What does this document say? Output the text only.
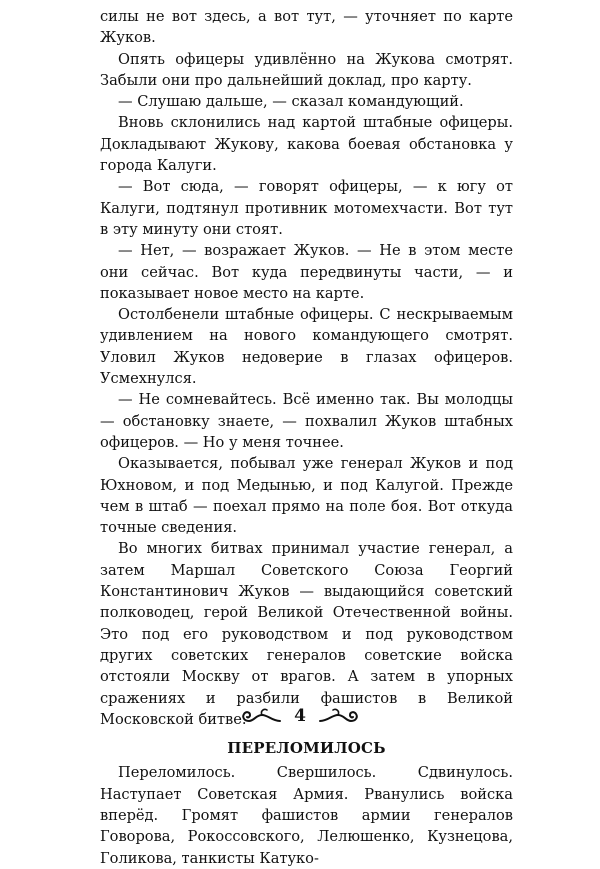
силы не вот здесь, а вот тут, — уточняет по карте Жуков.

Опять офицеры удивлённо на Жукова смотрят. Забыли они про дальнейший доклад, про карту.

— Слушаю дальше, — сказал командующий.

Вновь склонились над картой штабные офицеры. Докладывают Жукову, какова боевая обстановка у города Калуги.

— Вот сюда, — говорят офицеры, — к югу от Калуги, подтянул противник мотомехчасти. Вот тут в эту минуту они стоят.

— Нет, — возражает Жуков. — Не в этом месте они сейчас. Вот куда передвинуты части, — и показывает новое место на карте.

Остолбенели штабные офицеры. С нескрываемым удивлением на нового командующего смотрят. Уловил Жуков недоверие в глазах офицеров. Усмехнулся.

— Не сомневайтесь. Всё именно так. Вы молодцы — обстановку знаете, — похвалил Жуков штабных офицеров. — Но у меня точнее.

Оказывается, побывал уже генерал Жуков и под Юхновом, и под Медынью, и под Калугой. Прежде чем в штаб — поехал прямо на поле боя. Вот откуда точные сведения.

Во многих битвах принимал участие генерал, а затем Маршал Советского Союза Георгий Константинович Жуков — выдающийся советский полководец, герой Великой Отечественной войны. Это под его руководством и под руководством других советских генералов советские войска отстояли Москву от врагов. А затем в упорных сражениях и разбили фашистов в Великой Московской битве.

ПЕРЕЛОМИЛОСЬ

Переломилось. Свершилось. Сдвинулось. Наступает Советская Армия. Рванулись войска вперёд. Громят фашистов армии генералов Говорова, Рокоссовского, Лелюшенко, Кузнецова, Голикова, танкисты Катуко-

4
